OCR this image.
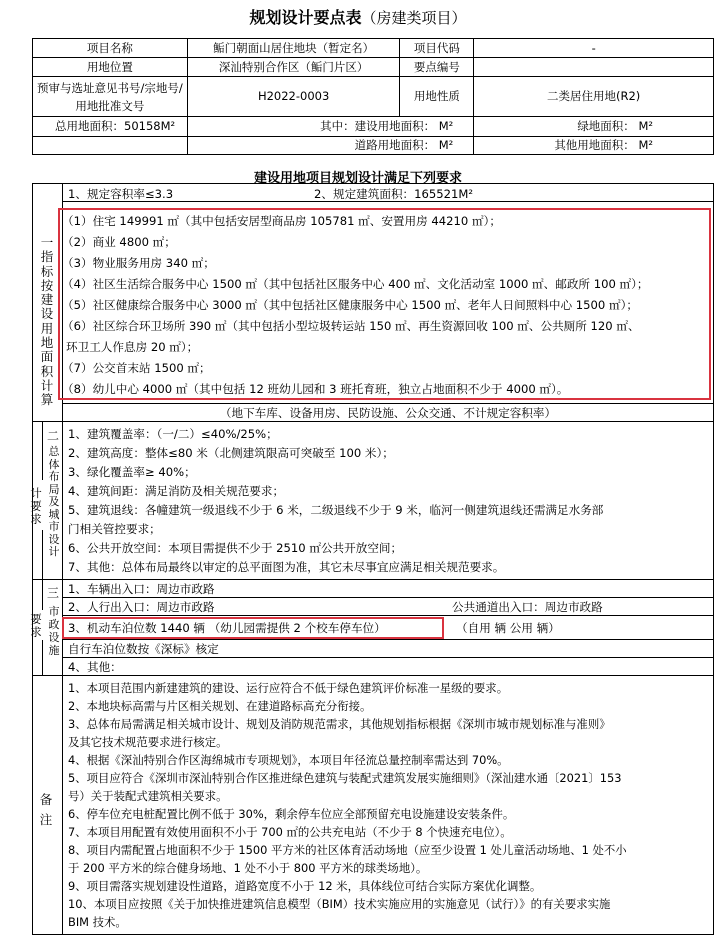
规划设计要点表（房建类项目）
项目名称	鲘门朝面山居住地块（暂定名）	项目代码	-
用地位置	深汕特别合作区（鲘门片区）	要点编号	
预审与选址意见书号/宗地号/用地批准文号	H2022-0003	用地性质	二类居住用地(R2)
总用地面积：50158M²	其中：建设用地面积： M²		绿地面积： M²
	道路用地面积： M²		其他用地面积： M²
建设用地项目规划设计满足下列要求
一指标按建设用地面积计算
1、规定容积率≤3.3	2、规定建筑面积：165521M²
（1）住宅 149991 ㎡（其中包括安居型商品房 105781 ㎡、安置用房 44210 ㎡）；
（2）商业 4800 ㎡；
（3）物业服务用房 340 ㎡；
（4）社区生活综合服务中心 1500 ㎡（其中包括社区服务中心 400 ㎡、文化活动室 1000 ㎡、邮政所 100 ㎡）；
（5）社区健康综合服务中心 3000 ㎡（其中包括社区健康服务中心 1500 ㎡、老年人日间照料中心 1500 ㎡）；
（6）社区综合环卫场所 390 ㎡（其中包括小型垃圾转运站 150 ㎡、再生资源回收 100 ㎡、公共厕所 120 ㎡、
环卫工人作息房 20 ㎡）；
（7）公交首末站 1500 ㎡；
（8）幼儿中心 4000 ㎡（其中包括 12 班幼儿园和 3 班托育班，独立占地面积不少于 4000 ㎡）。
（地下车库、设备用房、民防设施、公众交通、不计规定容积率）
二
总体布局及城市设计
计要求
1、建筑覆盖率：（一/二）≤40%/25%；
2、建筑高度：整体≤80 米（北侧建筑限高可突破至 100 米）；
3、绿化覆盖率≥ 40%；
4、建筑间距：满足消防及相关规范要求；
5、建筑退线：各幢建筑一级退线不少于 6 米，二级退线不少于 9 米，临河一侧建筑退线还需满足水务部
门相关管控要求；
6、公共开放空间：本项目需提供不少于 2510 ㎡公共开放空间；
7、其他：总体布局最终以审定的总平面图为准，其它未尽事宜应满足相关规范要求。
三
市政设施
要求
1、车辆出入口：周边市政路
2、人行出入口：周边市政路	公共通道出入口：周边市政路
3、机动车泊位数 1440 辆 （幼儿园需提供 2 个校车停车位）	（自用 辆 公用 辆）
自行车泊位数按《深标》核定
4、其他：
备注
1、本项目范围内新建建筑的建设、运行应符合不低于绿色建筑评价标准一星级的要求。
2、本地块标高需与片区相关规划、在建道路标高充分衔接。
3、总体布局需满足相关城市设计、规划及消防规范需求，其他规划指标根据《深圳市城市规划标准与准则》
及其它技术规范要求进行核定。
4、根据《深汕特别合作区海绵城市专项规划》，本项目年径流总量控制率需达到 70%。
5、项目应符合《深圳市深汕特别合作区推进绿色建筑与装配式建筑发展实施细则》（深汕建水通〔2021〕153
号）关于装配式建筑相关要求。
6、停车位充电桩配置比例不低于 30%，剩余停车位应全部预留充电设施建设安装条件。
7、本项目用配置有效使用面积不小于 700 ㎡的公共充电站（不少于 8 个快速充电位）。
8、项目内需配置占地面积不少于 1500 平方米的社区体育活动场地（应至少设置 1 处儿童活动场地、1 处不小
于 200 平方米的综合健身场地、1 处不小于 800 平方米的球类场地）。
9、项目需落实规划建设性道路，道路宽度不小于 12 米，具体线位可结合实际方案优化调整。
10、本项目应按照《关于加快推进建筑信息模型（BIM）技术实施应用的实施意见（试行）》的有关要求实施
BIM 技术。
